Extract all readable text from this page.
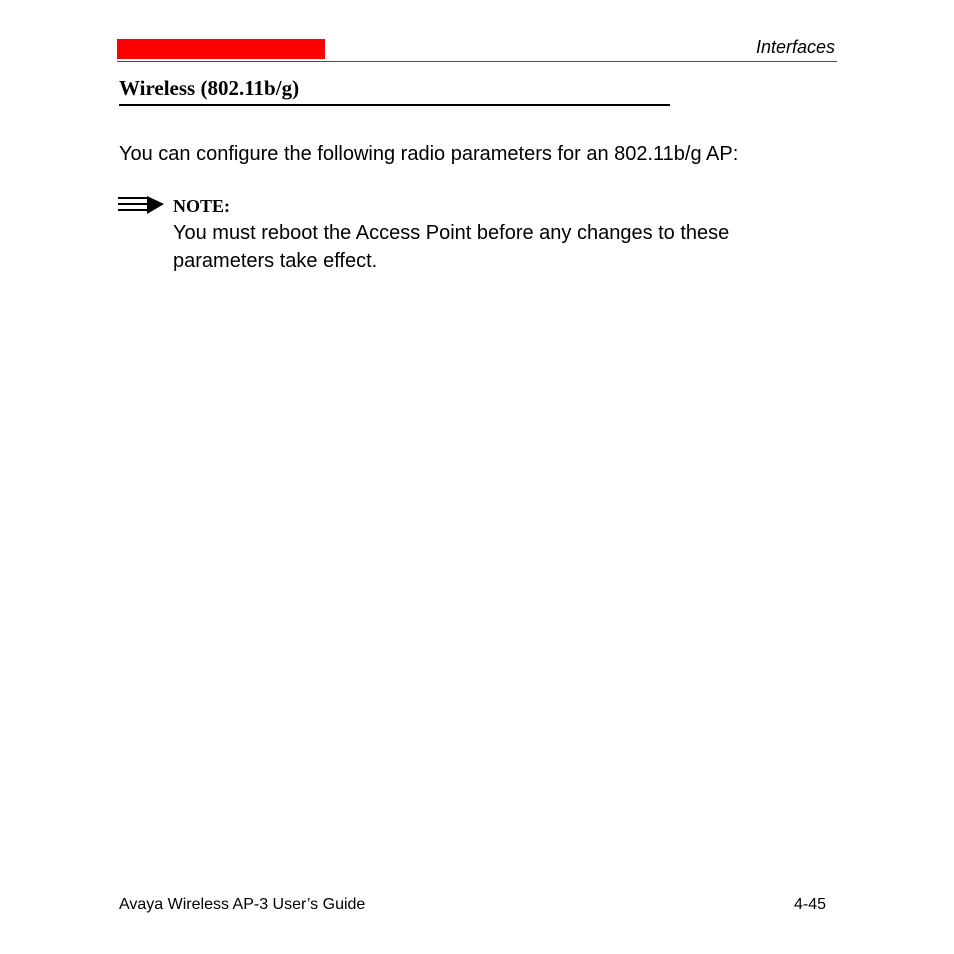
Interfaces
Wireless (802.11b/g)
You can configure the following radio parameters for an 802.11b/g AP:
NOTE:
You must reboot the Access Point before any changes to these
parameters take effect.
Avaya Wireless AP-3 User’s Guide	4-45
